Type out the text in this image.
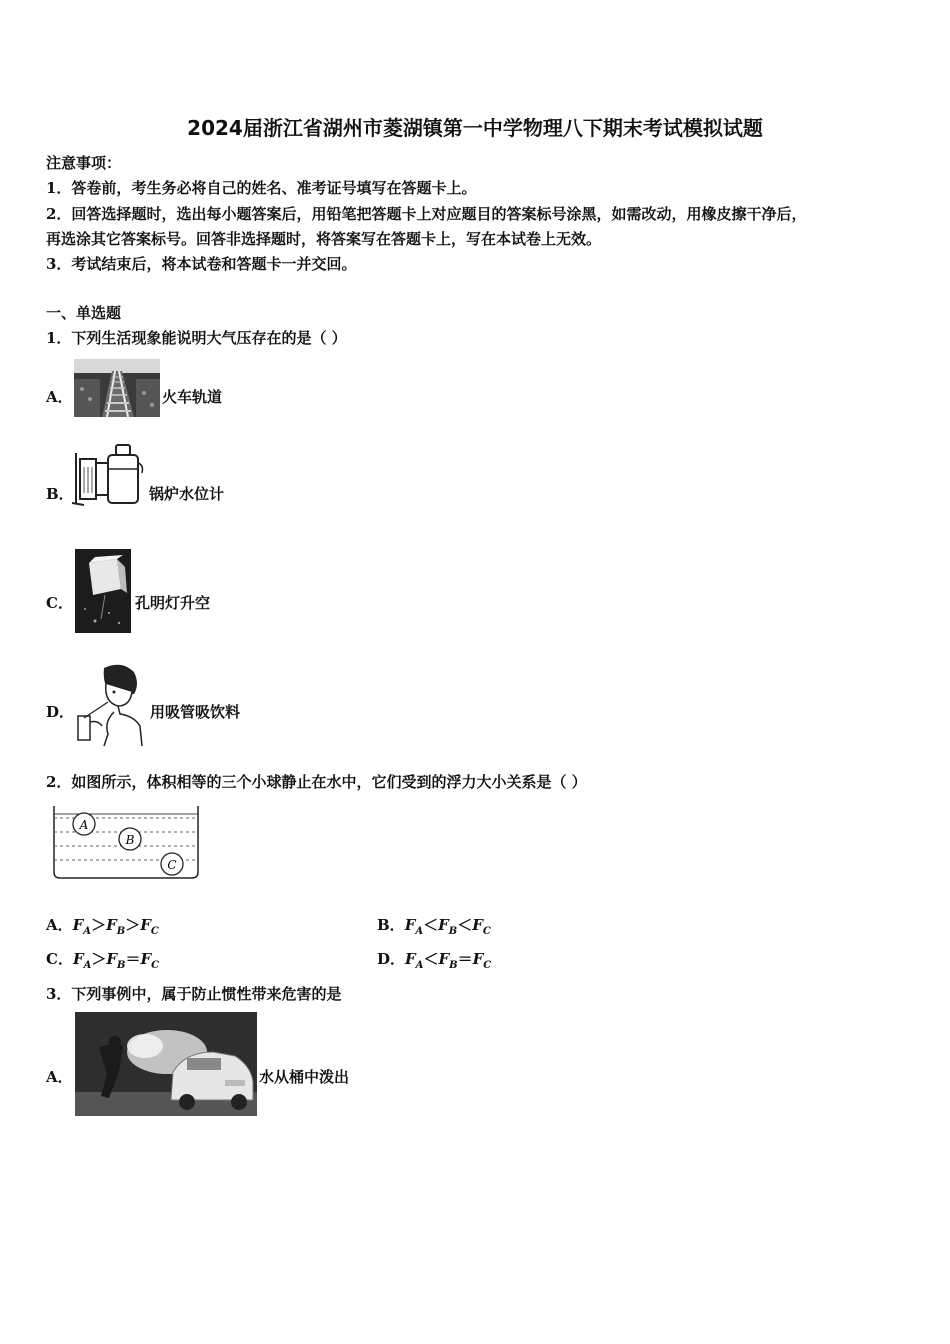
2024届浙江省湖州市菱湖镇第一中学物理八下期末考试模拟试题
注意事项：
1．答卷前，考生务必将自己的姓名、准考证号填写在答题卡上。
2．回答选择题时，选出每小题答案后，用铅笔把答题卡上对应题目的答案标号涂黑，如需改动，用橡皮擦干净后，
再选涂其它答案标号。回答非选择题时，将答案写在答题卡上，写在本试卷上无效。
3．考试结束后，将本试卷和答题卡一并交回。
一、单选题
1．下列生活现象能说明大气压存在的是（ ）
A．	火车轨道
B．	锅炉水位计
C．	孔明灯升空
D．	用吸管吸饮料
2．如图所示，体积相等的三个小球静止在水中，它们受到的浮力大小关系是（ ）
A
B
C
A．$F_A>F_B>F_C$	B．$F_A<F_B<F_C$
C．$F_A>F_B=F_C$	D．$F_A<F_B=F_C$
3．下列事例中，属于防止惯性带来危害的是
A．	水从桶中泼出
